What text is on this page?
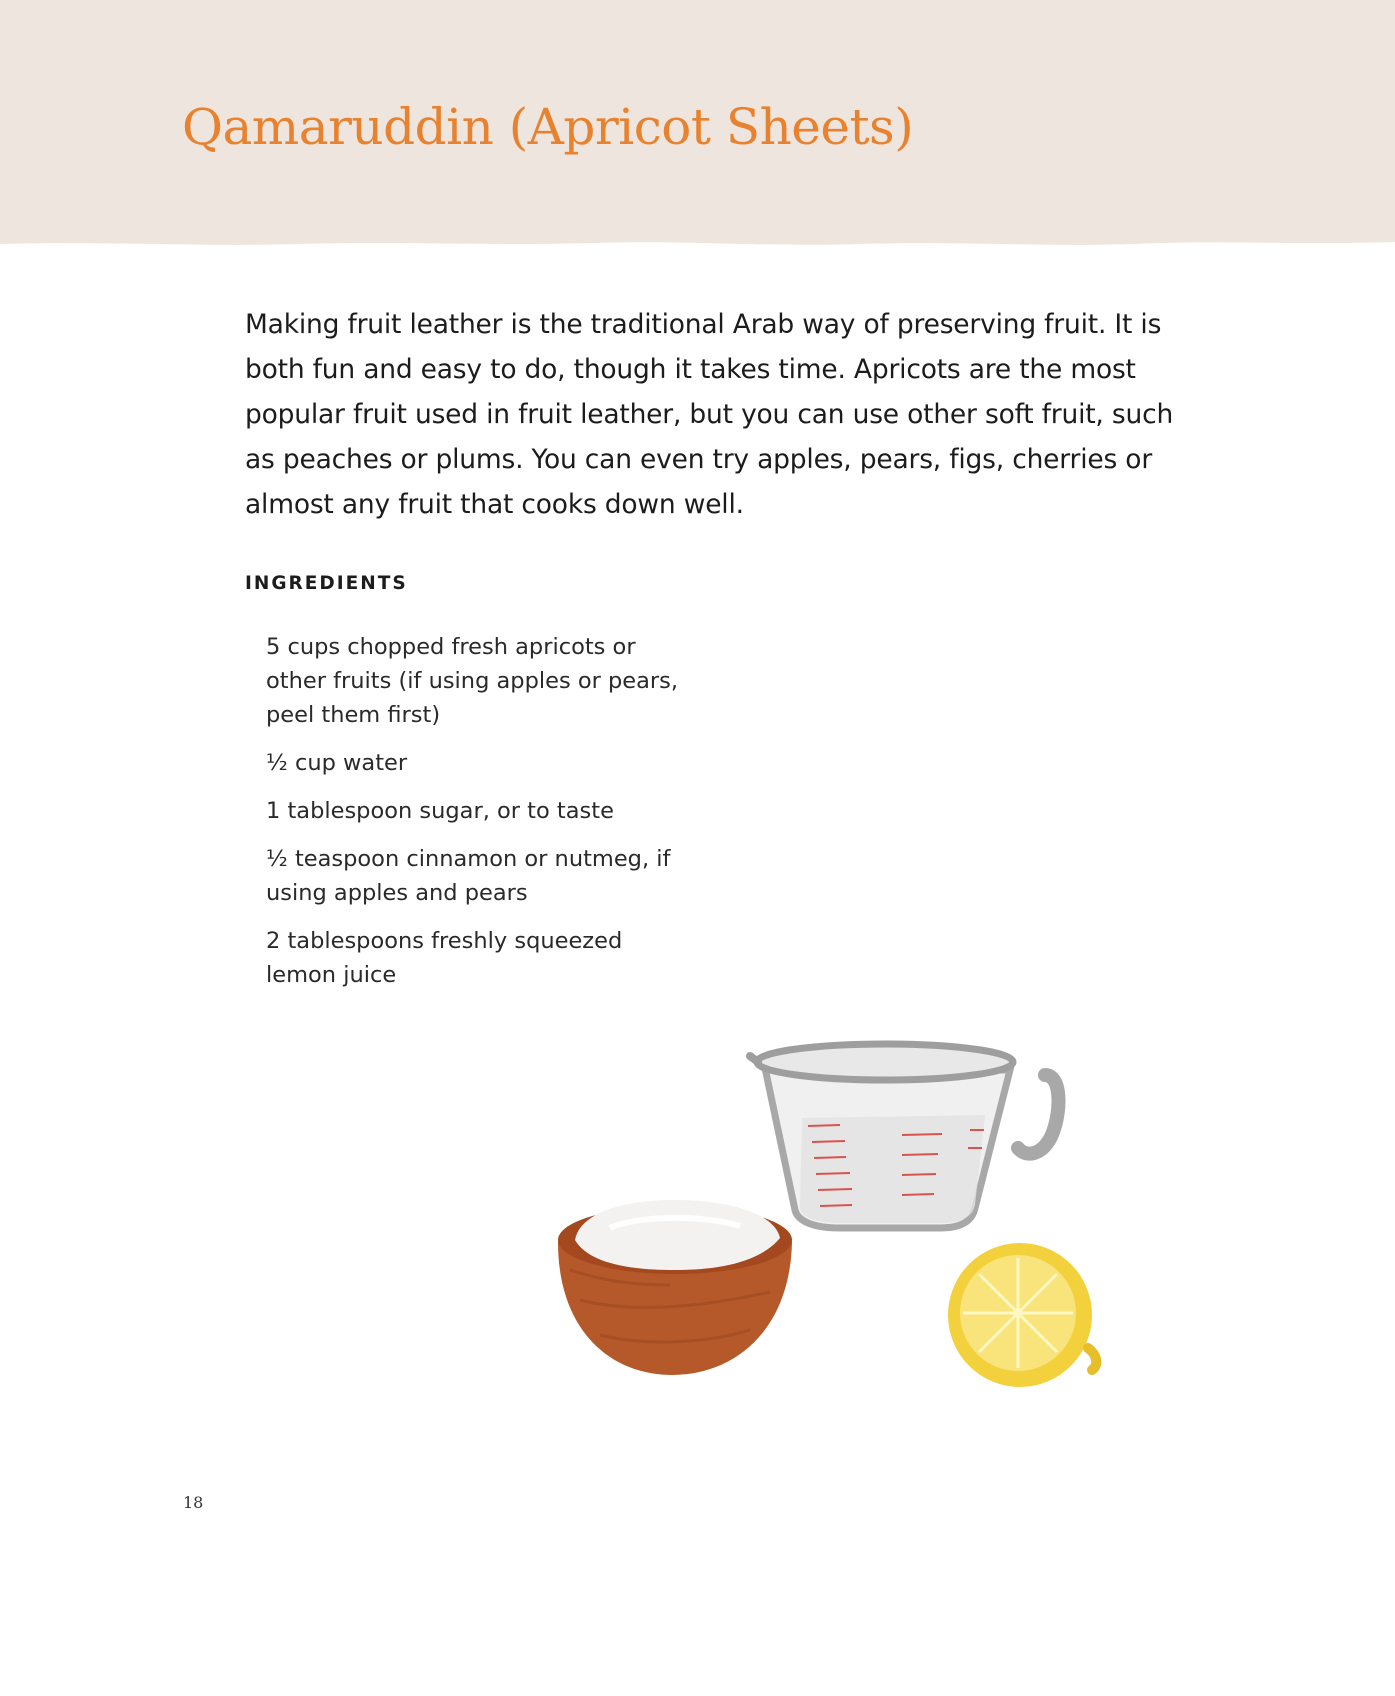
Qamaruddin (Apricot Sheets)

Making fruit leather is the traditional Arab way of preserving fruit. It is both fun and easy to do, though it takes time. Apricots are the most popular fruit used in fruit leather, but you can use other soft fruit, such as peaches or plums. You can even try apples, pears, figs, cherries or almost any fruit that cooks down well.

INGREDIENTS
5 cups chopped fresh apricots or other fruits (if using apples or pears, peel them first)
½ cup water
1 tablespoon sugar, or to taste
½ teaspoon cinnamon or nutmeg, if using apples and pears
2 tablespoons freshly squeezed lemon juice

18
